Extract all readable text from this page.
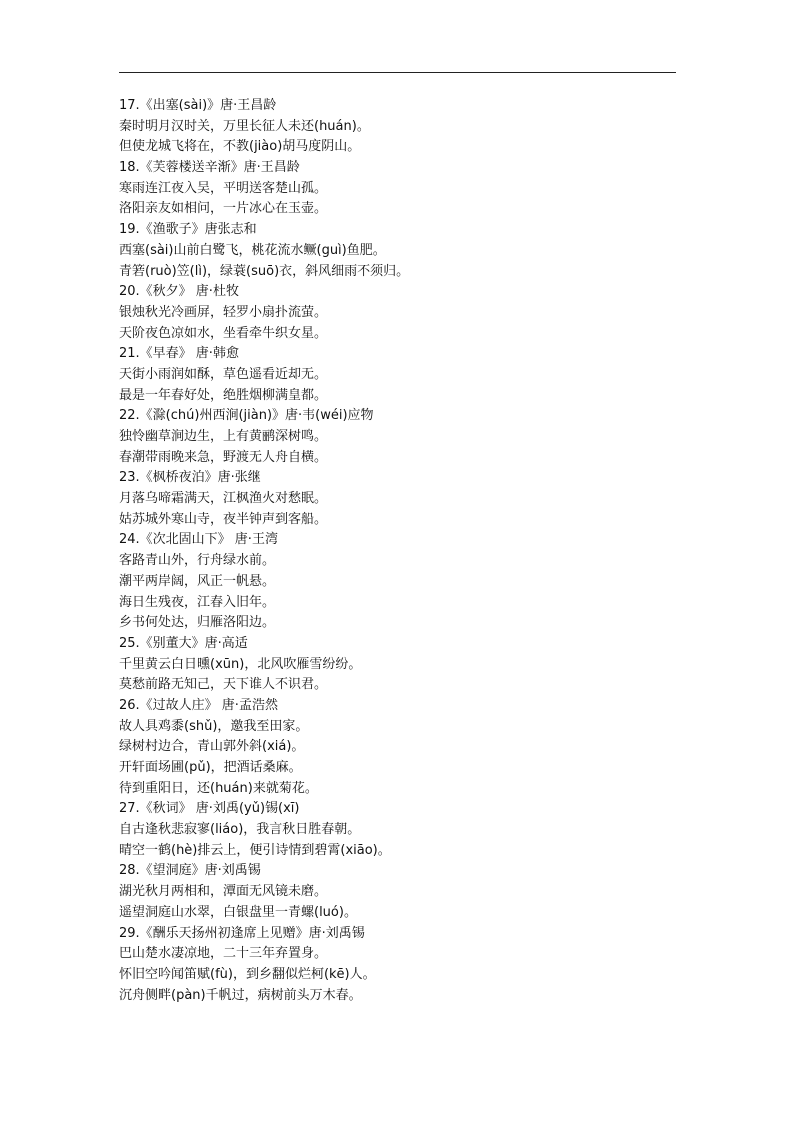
17.《出塞(sài)》唐·王昌龄
秦时明月汉时关，万里长征人未还(huán)。
但使龙城飞将在，不教(jiào)胡马度阴山。
18.《芙蓉楼送辛渐》唐·王昌龄
寒雨连江夜入吴，平明送客楚山孤。
洛阳亲友如相问，一片冰心在玉壶。
19.《渔歌子》唐张志和
西塞(sài)山前白鹭飞，桃花流水鳜(guì)鱼肥。
青箬(ruò)笠(lì)，绿蓑(suō)衣，斜风细雨不须归。
20.《秋夕》 唐·杜牧
银烛秋光冷画屏，轻罗小扇扑流萤。
天阶夜色凉如水，坐看牵牛织女星。
21.《早春》 唐·韩愈
天街小雨润如酥，草色遥看近却无。
最是一年春好处，绝胜烟柳满皇都。
22.《滁(chú)州西涧(jiàn)》唐·韦(wéi)应物
独怜幽草涧边生，上有黄鹂深树鸣。
春潮带雨晚来急，野渡无人舟自横。
23.《枫桥夜泊》唐·张继
月落乌啼霜满天，江枫渔火对愁眠。
姑苏城外寒山寺，夜半钟声到客船。
24.《次北固山下》 唐·王湾
客路青山外，行舟绿水前。
潮平两岸阔，风正一帆悬。
海日生残夜，江春入旧年。
乡书何处达，归雁洛阳边。
25.《别董大》唐·高适
千里黄云白日曛(xūn)，北风吹雁雪纷纷。
莫愁前路无知己，天下谁人不识君。
26.《过故人庄》 唐·孟浩然
故人具鸡黍(shǔ)，邀我至田家。
绿树村边合，青山郭外斜(xiá)。
开轩面场圃(pǔ)，把酒话桑麻。
待到重阳日，还(huán)来就菊花。
27.《秋词》 唐·刘禹(yǔ)锡(xī)
自古逢秋悲寂寥(liáo)，我言秋日胜春朝。
晴空一鹤(hè)排云上，便引诗情到碧霄(xiāo)。
28.《望洞庭》唐·刘禹锡
湖光秋月两相和，潭面无风镜未磨。
遥望洞庭山水翠，白银盘里一青螺(luó)。
29.《酬乐天扬州初逢席上见赠》唐·刘禹锡
巴山楚水凄凉地，二十三年弃置身。
怀旧空吟闻笛赋(fù)，到乡翻似烂柯(kē)人。
沉舟侧畔(pàn)千帆过，病树前头万木春。
